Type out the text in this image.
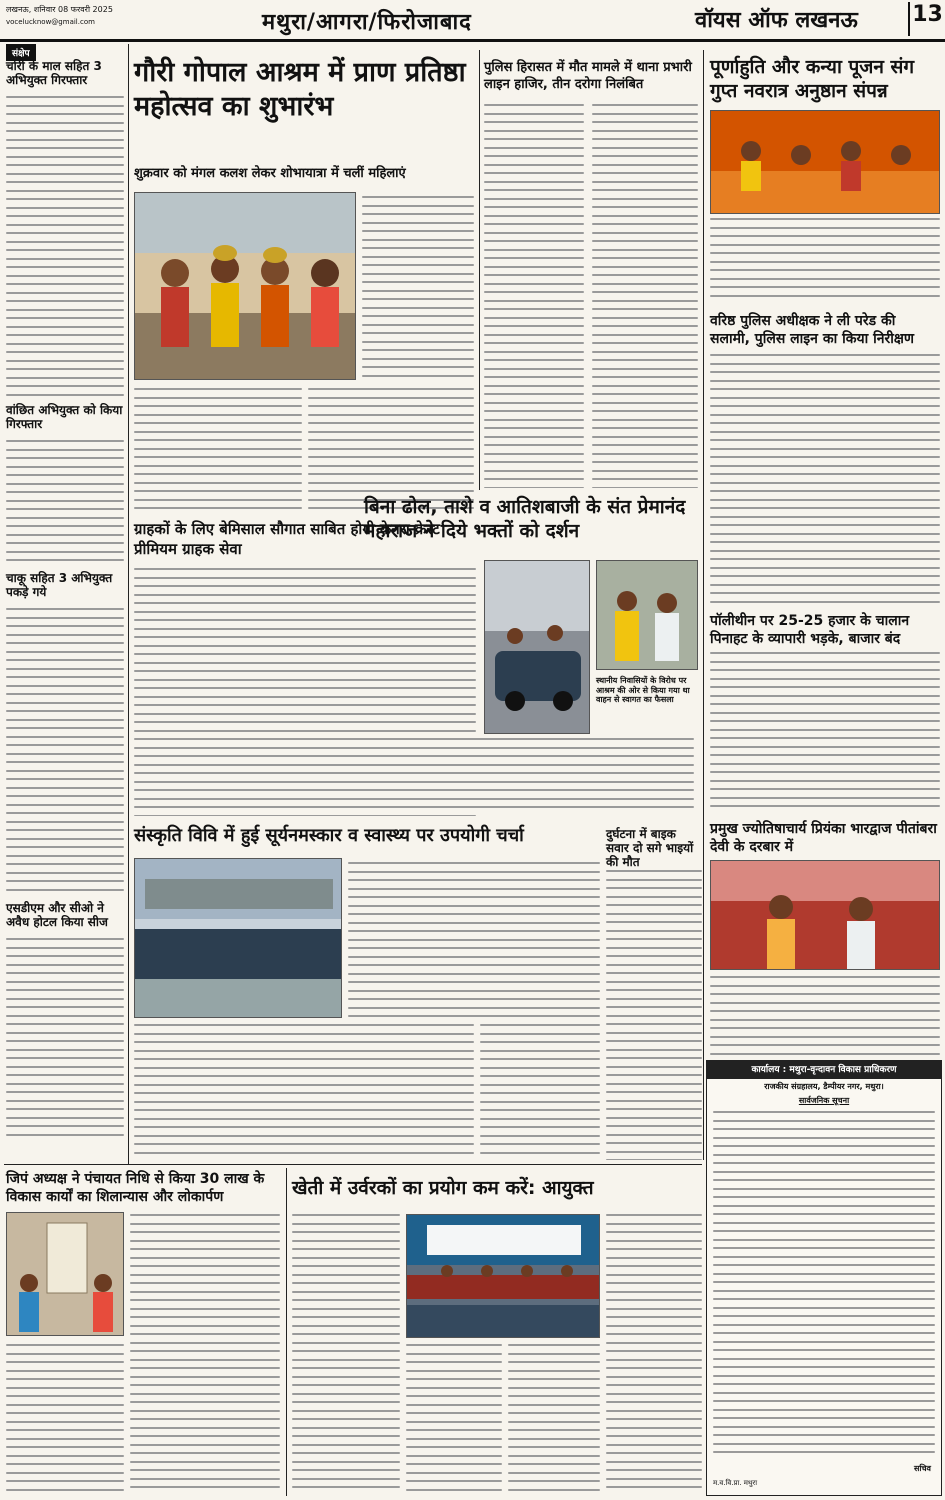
लखनऊ, शनिवार 08 फरवरी 2025
vocelucknow@gmail.com	मथुरा/आगरा/फिरोजाबाद	वॉयस ऑफ लखनऊ 13
संक्षेप
चोरी के माल सहित 3 अभियुक्त गिरफ्तार
वांछित अभियुक्त को किया गिरफ्तार
चाकू सहित 3 अभियुक्त पकड़े गये
एसडीएम और सीओ ने अवैध होटल किया सीज
गौरी गोपाल आश्रम में प्राण प्रतिष्ठा महोत्सव का शुभारंभ
शुक्रवार को मंगल कलश लेकर शोभायात्रा में चलीं महिलाएं
पुलिस हिरासत में मौत मामले में थाना प्रभारी लाइन हाजिर, तीन दरोगा निलंबित
ग्राहकों के लिए बेमिसाल सौगात साबित होगी केनरा क्रेस्ट प्रीमियम ग्राहक सेवा
बिना ढोल, ताशे व आतिशबाजी के संत प्रेमानंद महाराज ने दिये भक्तों को दर्शन
स्थानीय निवासियों के विरोध पर आश्रम की ओर से किया गया था वाहन से स्वागत का फैसला
संस्कृति विवि में हुई सूर्यनमस्कार व स्वास्थ्य पर उपयोगी चर्चा	दुर्घटना में बाइक सवार दो सगे भाइयों की मौत
पूर्णाहुति और कन्या पूजन संग गुप्त नवरात्र अनुष्ठान संपन्न
वरिष्ठ पुलिस अधीक्षक ने ली परेड की सलामी, पुलिस लाइन का किया निरीक्षण
पॉलीथीन पर 25-25 हजार के चालान पिनाहट के व्यापारी भड़के, बाजार बंद
प्रमुख ज्योतिषाचार्य प्रियंका भारद्वाज पीतांबरा देवी के दरबार में
कार्यालय : मथुरा-वृन्दावन विकास प्राधिकरण
राजकीय संग्रहालय, डैम्पीयर नगर, मथुरा।
सार्वजनिक सूचना
सचिव
म.व.वि.प्रा. मथुरा
जिपं अध्यक्ष ने पंचायत निधि से किया 30 लाख के विकास कार्यों का शिलान्यास और लोकार्पण	खेती में उर्वरकों का प्रयोग कम करें: आयुक्त
